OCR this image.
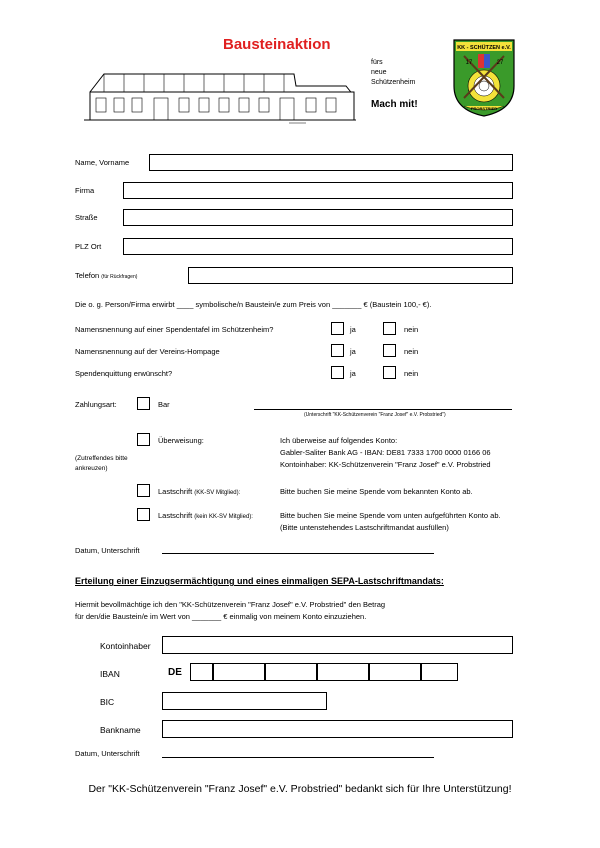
Bausteinaktion
fürs
neue
Schützenheim
Mach mit!
KK - SCHÜTZEN e.V.
17	27
PROBSTRIED
Name, Vorname
Firma
Straße
PLZ Ort
Telefon (für Rückfragen)
Die o. g. Person/Firma erwirbt ____ symbolische/n Baustein/e zum Preis von _______ € (Baustein 100,- €).
Namensnennung auf einer Spendentafel im Schützenheim?	ja	nein
Namensnennung auf der Vereins-Hompage	ja	nein
Spendenquittung erwünscht?	ja	nein
Zahlungsart:	Bar
(Unterschrift "KK-Schützenverein "Franz Josef" e.V. Probstried")
Überweisung:	Ich überweise auf folgendes Konto:
Gabler-Saliter Bank AG - IBAN: DE81 7333 1700 0000 0166 06
Kontoinhaber: KK-Schützenverein "Franz Josef" e.V. Probstried
(Zutreffendes bitte
ankreuzen)
Lastschrift (KK-SV Mitglied):	Bitte buchen Sie meine Spende vom bekannten Konto ab.
Lastschrift (kein KK-SV Mitglied):	Bitte buchen Sie meine Spende vom unten aufgeführten Konto ab.
(Bitte untenstehendes Lastschriftmandat ausfüllen)
Datum, Unterschrift
Erteilung einer Einzugsermächtigung und eines einmaligen SEPA-Lastschriftmandats:
Hiermit bevollmächtige ich den "KK-Schützenverein "Franz Josef" e.V. Probstried" den Betrag
für den/die Baustein/e im Wert von _______ € einmalig von meinem Konto einzuziehen.
Kontoinhaber
IBAN	DE
BIC
Bankname
Datum, Unterschrift
Der "KK-Schützenverein "Franz Josef" e.V. Probstried" bedankt sich für Ihre Unterstützung!
